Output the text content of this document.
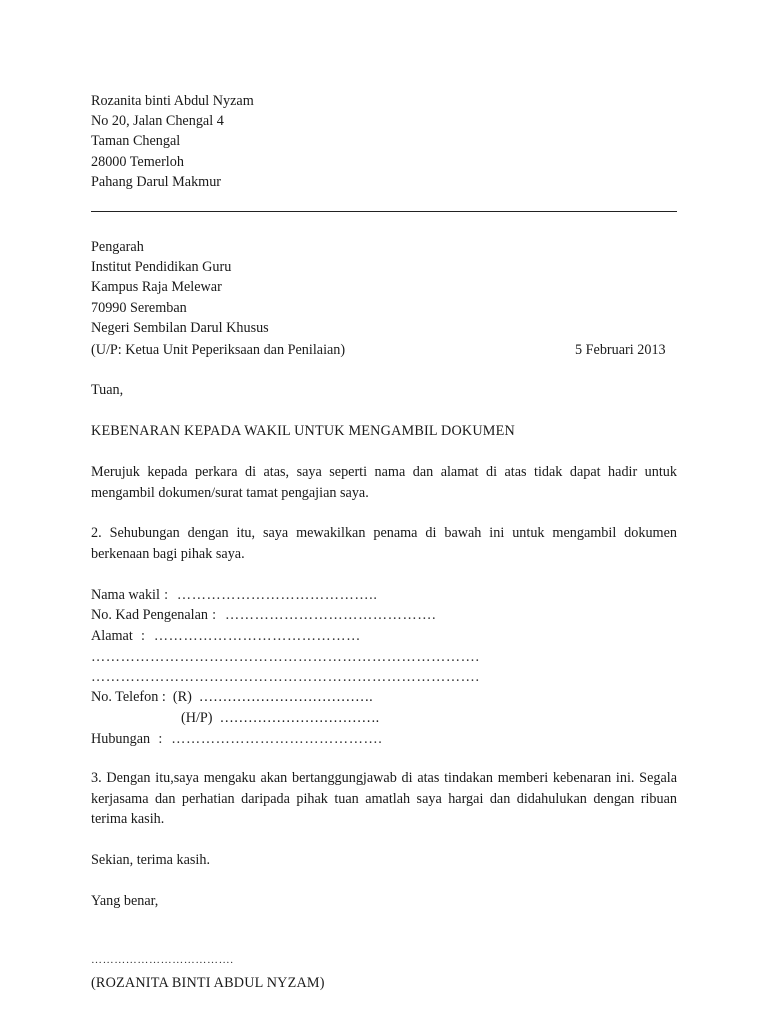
Rozanita binti Abdul Nyzam
No 20, Jalan Chengal 4
Taman Chengal
28000 Temerloh
Pahang Darul Makmur
Pengarah
Institut Pendidikan Guru
Kampus Raja Melewar
70990 Seremban
Negeri Sembilan Darul Khusus
(U/P: Ketua Unit Peperiksaan dan Penilaian)	5 Februari 2013
Tuan,
KEBENARAN KEPADA WAKIL UNTUK MENGAMBIL DOKUMEN
Merujuk kepada perkara di atas, saya seperti nama dan alamat di atas tidak dapat hadir untuk mengambil dokumen/surat tamat pengajian saya.
2. Sehubungan dengan itu, saya mewakilkan penama di bawah ini untuk mengambil dokumen berkenaan bagi pihak saya.
Nama wakil :  …………………………………..
No. Kad Pengenalan :  …………………………………….
Alamat  :  ……………………………………
…………………………………………………………………….
…………………………………………………………………….
No. Telefon :  (R)  ……………………………….
(H/P)  …………………………….
Hubungan  :  …………………………………….
3. Dengan itu,saya mengaku akan bertanggungjawab di atas tindakan memberi kebenaran ini. Segala kerjasama dan perhatian daripada pihak tuan amatlah saya hargai dan didahulukan dengan ribuan terima kasih.
Sekian, terima kasih.
Yang benar,
……………………………….
(ROZANITA BINTI ABDUL NYZAM)
